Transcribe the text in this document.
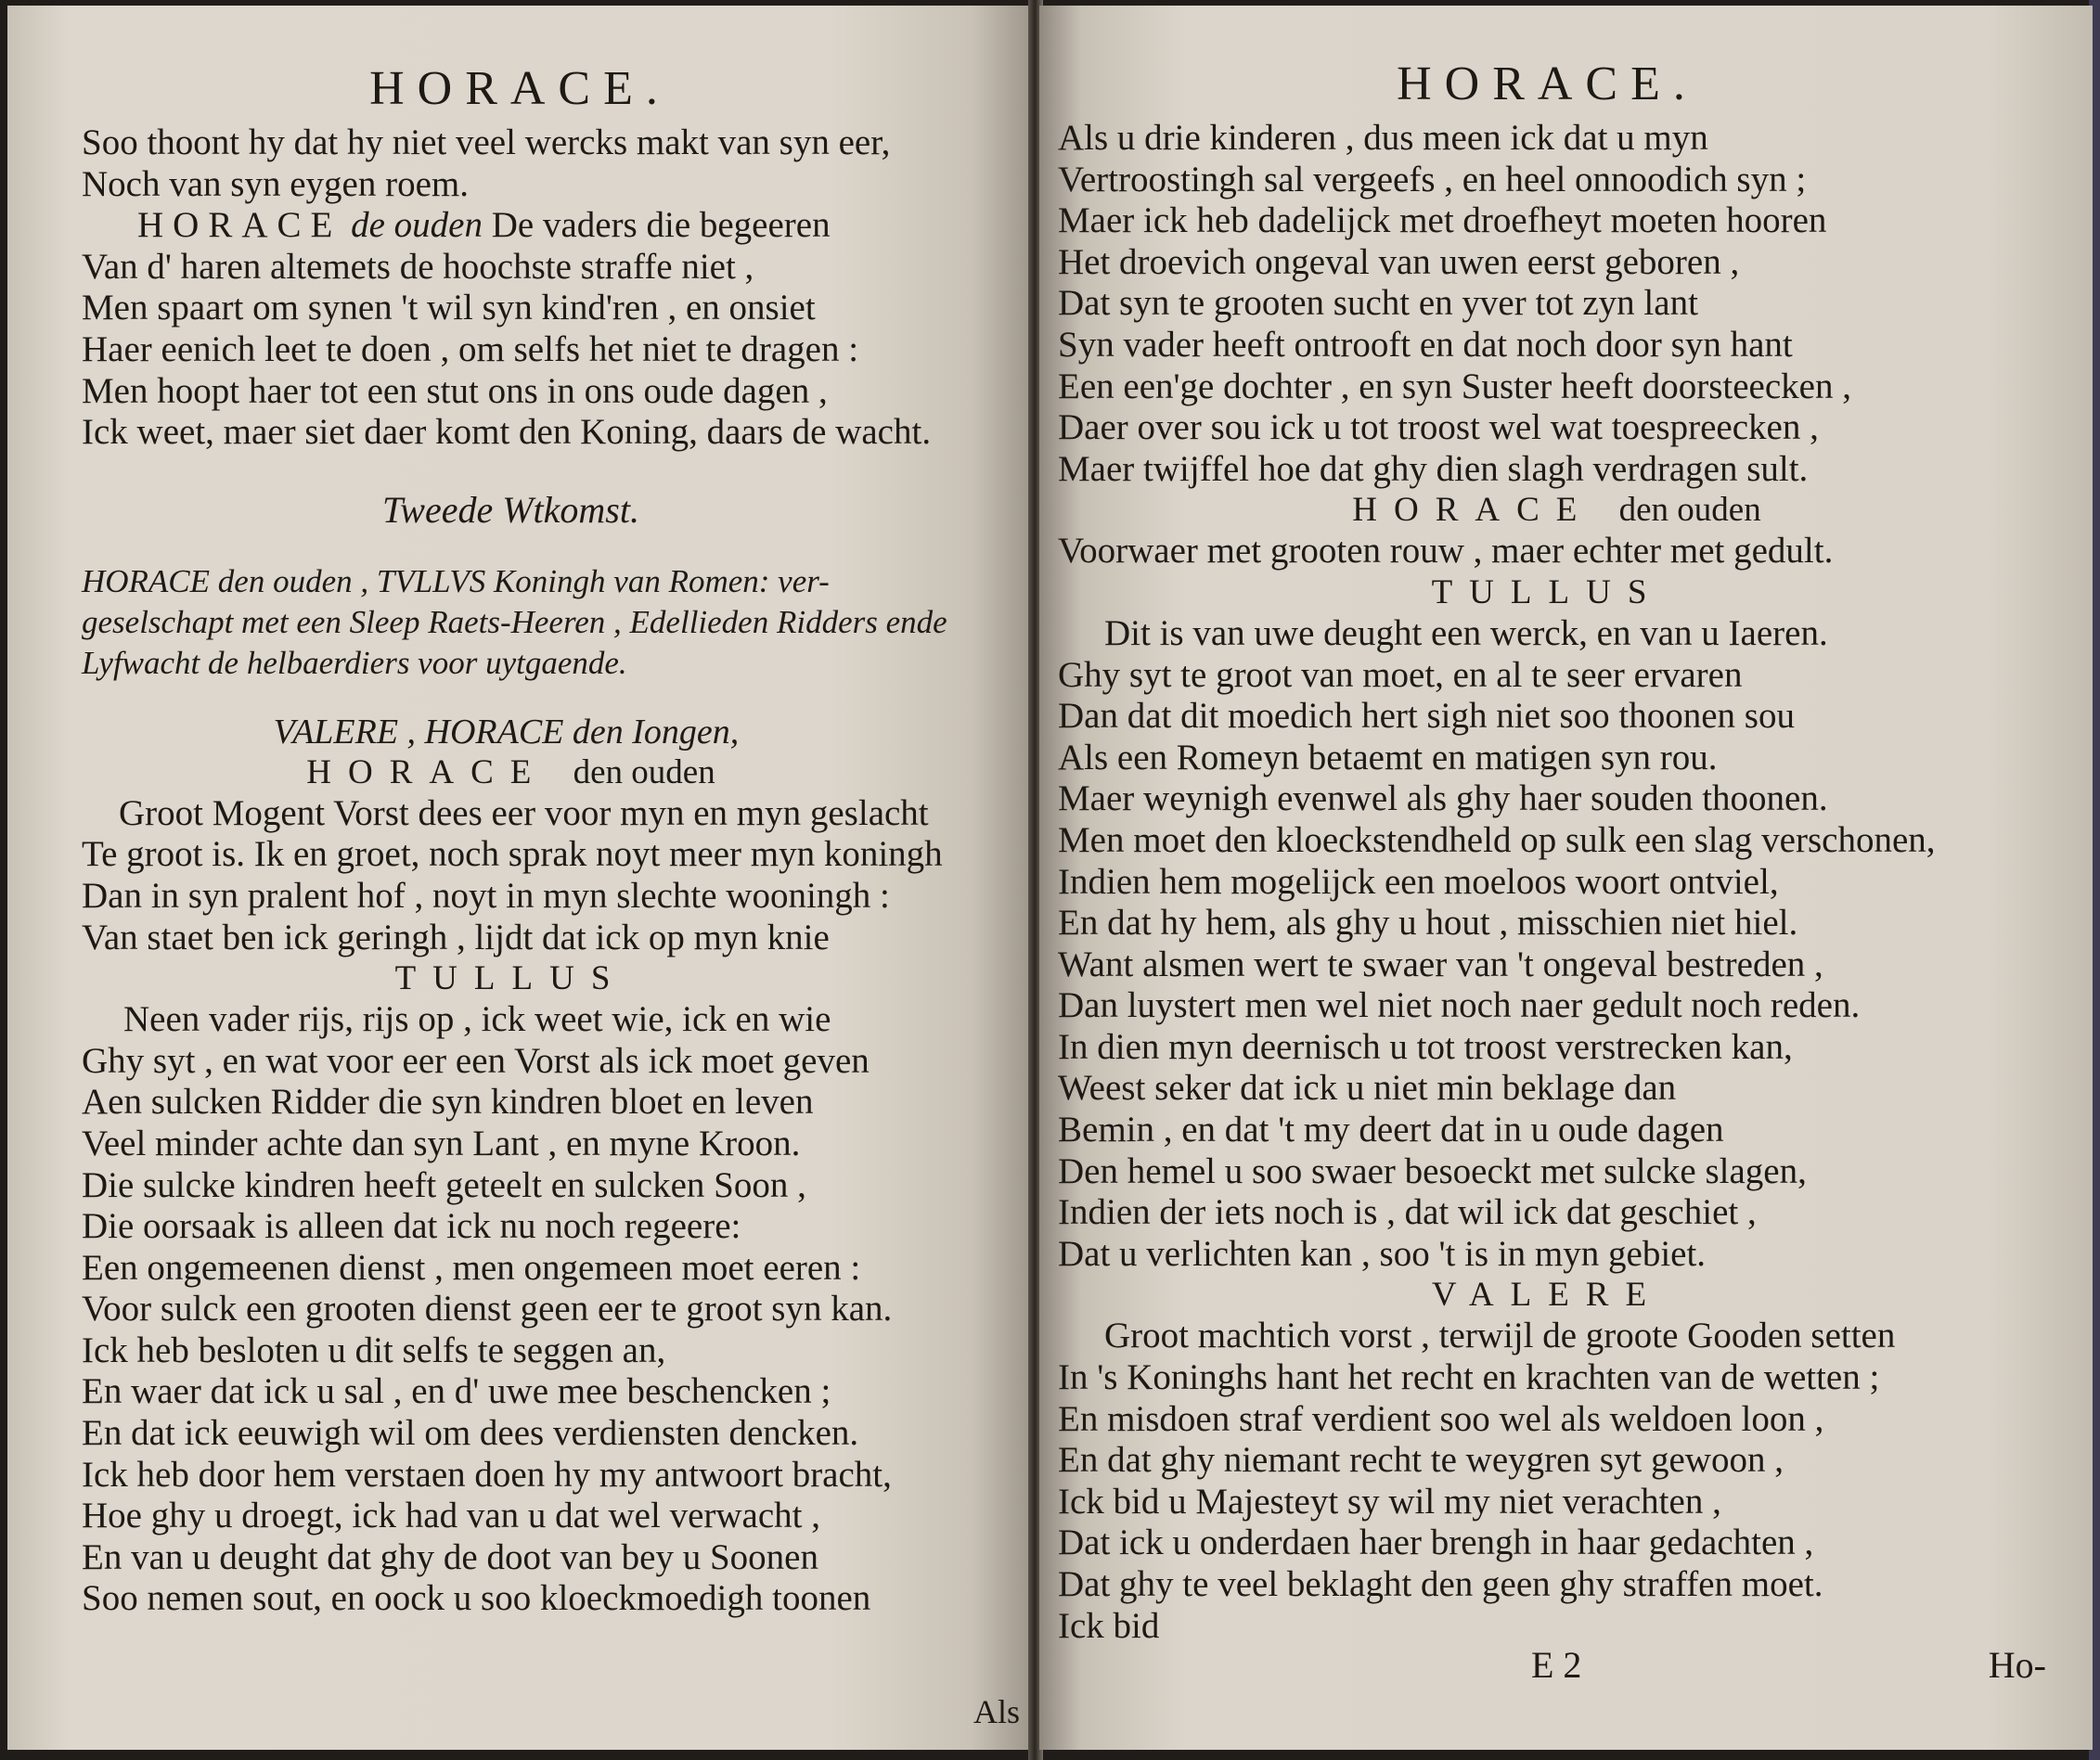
HORACE.

Soo thoont hy dat hy niet veel wercks makt van syn eer,

Noch van syn eygen roem.

HORACE de ouden De vaders die begeeren

Van d' haren altemets de hoochste straffe niet ,

Men spaart om synen 't wil syn kind'ren , en onsiet

Haer eenich leet te doen , om selfs het niet te dragen :

Men hoopt haer tot een stut ons in ons oude dagen ,

Ick weet, maer siet daer komt den Koning, daars de wacht.

Tweede Wtkomst.

HORACE den ouden , TVLLVS Koningh van Romen: ver-

geselschapt met een Sleep Raets-Heeren , Edellieden Ridders ende

Lyfwacht de helbaerdiers voor uytgaende.

VALERE , HORACE den Iongen,

HORACE den ouden

Groot Mogent Vorst dees eer voor myn en myn geslacht

Te groot is. Ik en groet, noch sprak noyt meer myn koningh

Dan in syn pralent hof , noyt in myn slechte wooningh :

Van staet ben ick geringh , lijdt dat ick op myn knie

TULLUS

Neen vader rijs, rijs op , ick weet wie, ick en wie

Ghy syt , en wat voor eer een Vorst als ick moet geven

Aen sulcken Ridder die syn kindren bloet en leven

Veel minder achte dan syn Lant , en myne Kroon.

Die sulcke kindren heeft geteelt en sulcken Soon ,

Die oorsaak is alleen dat ick nu noch regeere:

Een ongemeenen dienst , men ongemeen moet eeren :

Voor sulck een grooten dienst geen eer te groot syn kan.

Ick heb besloten u dit selfs te seggen an,

En waer dat ick u sal , en d' uwe mee beschencken ;

En dat ick eeuwigh wil om dees verdiensten dencken.

Ick heb door hem verstaen doen hy my antwoort bracht,

Hoe ghy u droegt, ick had van u dat wel verwacht ,

En van u deught dat ghy de doot van bey u Soonen

Soo nemen sout, en oock u soo kloeckmoedigh toonen

Als
HORACE.

Als u drie kinderen , dus meen ick dat u myn

Vertroostingh sal vergeefs , en heel onnoodich syn ;

Maer ick heb dadelijck met droefheyt moeten hooren

Het droevich ongeval van uwen eerst geboren ,

Dat syn te grooten sucht en yver tot zyn lant

Syn vader heeft ontrooft en dat noch door syn hant

Een een'ge dochter , en syn Suster heeft doorsteecken ,

Daer over sou ick u tot troost wel wat toespreecken ,

Maer twijffel hoe dat ghy dien slagh verdragen sult.

HORACE den ouden

Voorwaer met grooten rouw , maer echter met gedult.

TULLUS

Dit is van uwe deught een werck, en van u Iaeren.

Ghy syt te groot van moet, en al te seer ervaren

Dan dat dit moedich hert sigh niet soo thoonen sou

Als een Romeyn betaemt en matigen syn rou.

Maer weynigh evenwel als ghy haer souden thoonen.

Men moet den kloeckstendheld op sulk een slag verschonen,

Indien hem mogelijck een moeloos woort ontviel,

En dat hy hem, als ghy u hout , misschien niet hiel.

Want alsmen wert te swaer van 't ongeval bestreden ,

Dan luystert men wel niet noch naer gedult noch reden.

In dien myn deernisch u tot troost verstrecken kan,

Weest seker dat ick u niet min beklage dan

Bemin , en dat 't my deert dat in u oude dagen

Den hemel u soo swaer besoeckt met sulcke slagen,

Indien der iets noch is , dat wil ick dat geschiet ,

Dat u verlichten kan , soo 't is in myn gebiet.

VALERE

Groot machtich vorst , terwijl de groote Gooden setten

In 's Koninghs hant het recht en krachten van de wetten ;

En misdoen straf verdient soo wel als weldoen loon ,

En dat ghy niemant recht te weygren syt gewoon ,

Ick bid u Majesteyt sy wil my niet verachten ,

Dat ick u onderdaen haer brengh in haar gedachten ,

Dat ghy te veel beklaght den geen ghy straffen moet.

Ick bid

E 2	Ho-
